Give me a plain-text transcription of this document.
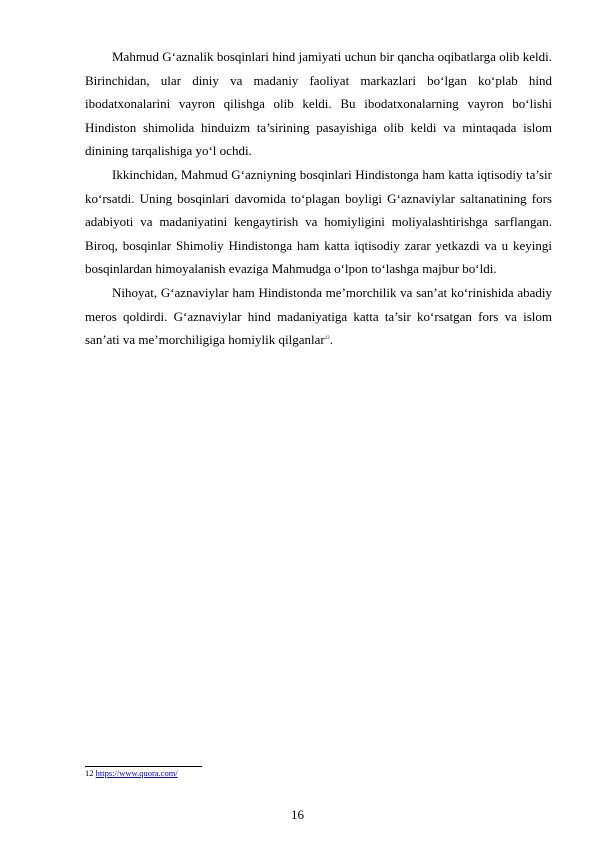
Mahmud G‘aznalik bosqinlari hind jamiyati uchun bir qancha oqibatlarga olib keldi. Birinchidan, ular diniy va madaniy faoliyat markazlari bo‘lgan ko‘plab hind ibodatxonalarini vayron qilishga olib keldi. Bu ibodatxonalarning vayron bo‘lishi Hindiston shimolida hinduizm ta’sirining pasayishiga olib keldi va mintaqada islom dinining tarqalishiga yo‘l ochdi.

Ikkinchidan, Mahmud G‘azniyning bosqinlari Hindistonga ham katta iqtisodiy ta’sir ko‘rsatdi. Uning bosqinlari davomida to‘plagan boyligi G‘aznaviylar saltanatining fors adabiyoti va madaniyatini kengaytirish va homiyligini moliyalashtirishga sarflangan. Biroq, bosqinlar Shimoliy Hindistonga ham katta iqtisodiy zarar yetkazdi va u keyingi bosqinlardan himoyalanish evaziga Mahmudga o‘lpon to‘lashga majbur bo‘ldi.

Nihoyat, G‘aznaviylar ham Hindistonda me’morchilik va san’at ko‘rinishida abadiy meros qoldirdi. G‘aznaviylar hind madaniyatiga katta ta’sir ko‘rsatgan fors va islom san’ati va me’morchiligiga homiylik qilganlar$^{12}$.

12 https://www.quora.com/
16
